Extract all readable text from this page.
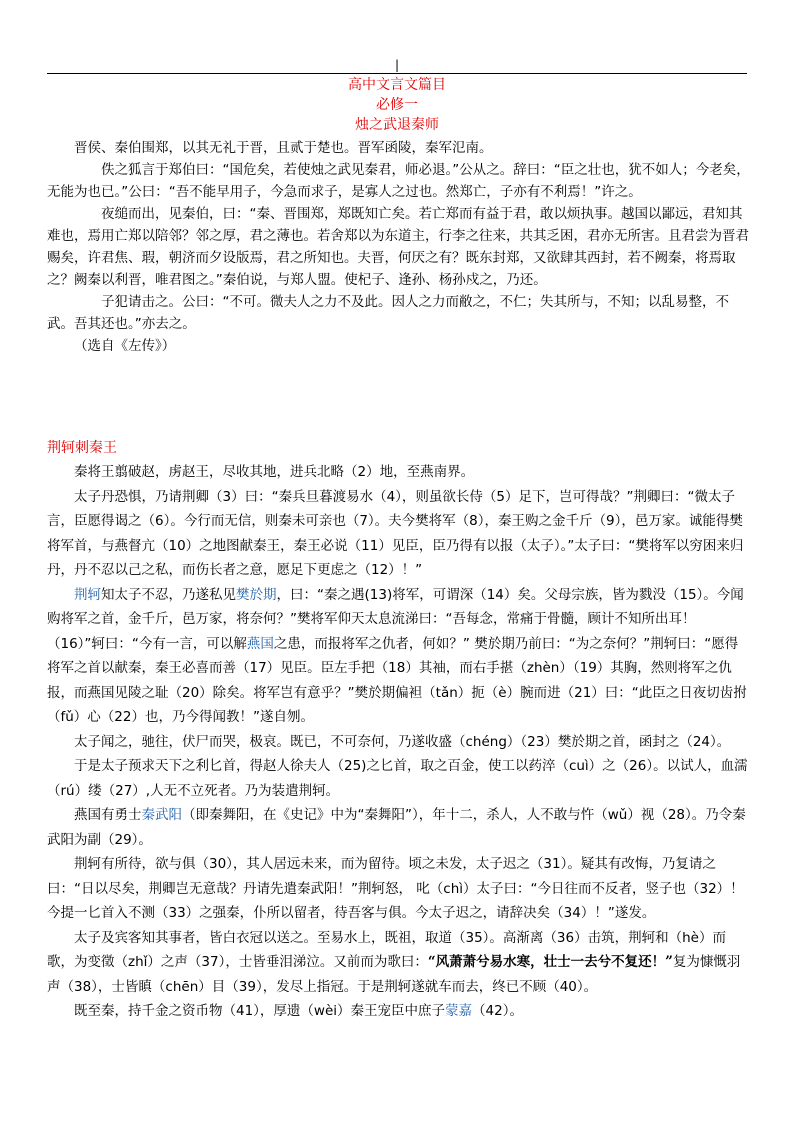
|
高中文言文篇目
必修一
烛之武退秦师

晋侯、秦伯围郑，以其无礼于晋，且贰于楚也。晋军函陵，秦军氾南。

佚之狐言于郑伯曰：“国危矣，若使烛之武见秦君，师必退。”公从之。辞曰：“臣之壮也，犹不如人；今老矣，无能为也已。”公曰：“吾不能早用子，今急而求子，是寡人之过也。然郑亡，子亦有不利焉！”许之。

夜缒而出，见秦伯，曰：“秦、晋围郑，郑既知亡矣。若亡郑而有益于君，敢以烦执事。越国以鄙远，君知其难也，焉用亡郑以陪邻？邻之厚，君之薄也。若舍郑以为东道主，行李之往来，共其乏困，君亦无所害。且君尝为晋君赐矣，许君焦、瑕，朝济而夕设版焉，君之所知也。夫晋，何厌之有？既东封郑，又欲肆其西封，若不阙秦，将焉取之？阙秦以利晋，唯君图之。”秦伯说，与郑人盟。使杞子、逢孙、杨孙戍之，乃还。

子犯请击之。公曰：“不可。微夫人之力不及此。因人之力而敝之，不仁；失其所与，不知；以乱易整，不武。吾其还也。”亦去之。

（选自《左传》）

荆轲刺秦王

秦将王翦破赵，虏赵王，尽收其地，进兵北略（2）地，至燕南界。

太子丹恐惧，乃请荆卿（3）曰：“秦兵旦暮渡易水（4），则虽欲长侍（5）足下，岂可得哉？”荆卿曰：“微太子言，臣愿得谒之（6）。今行而无信，则秦未可亲也（7）。夫今樊将军（8），秦王购之金千斤（9），邑万家。诚能得樊将军首，与燕督亢（10）之地图献秦王，秦王必说（11）见臣，臣乃得有以报（太子）。”太子曰：“樊将军以穷困来归丹，丹不忍以己之私，而伤长者之意，愿足下更虑之（12）！”

荆轲知太子不忍，乃遂私见樊於期，曰：“秦之遇(13)将军，可谓深（14）矣。父母宗族，皆为戮没（15）。今闻购将军之首，金千斤，邑万家，将奈何？”樊将军仰天太息流涕曰：“吾每念，常痛于骨髓，顾计不知所出耳！（16）”轲曰：“今有一言，可以解燕国之患，而报将军之仇者，何如？” 樊於期乃前曰：“为之奈何？”荆轲曰：“愿得将军之首以献秦，秦王必喜而善（17）见臣。臣左手把（18）其袖，而右手揕（zhèn）（19）其胸，然则将军之仇报，而燕国见陵之耻（20）除矣。将军岂有意乎？”樊於期偏袒（tǎn）扼（è）腕而进（21）曰：“此臣之日夜切齿拊（fǔ）心（22）也，乃今得闻教！”遂自刎。

太子闻之，驰往，伏尸而哭，极哀。既已，不可奈何，乃遂收盛（chéng）（23）樊於期之首，函封之（24）。

于是太子预求天下之利匕首，得赵人徐夫人（25)之匕首，取之百金，使工以药淬（cuì）之（26）。以试人，血濡（rú）缕（27）,人无不立死者。乃为装遣荆轲。

燕国有勇士秦武阳（即秦舞阳，在《史记》中为“秦舞阳”），年十二，杀人，人不敢与忤（wǔ）视（28）。乃令秦武阳为副（29）。

荆轲有所待，欲与俱（30），其人居远未来，而为留待。顷之未发，太子迟之（31）。疑其有改悔，乃复请之曰：“日以尽矣，荆卿岂无意哉？丹请先遣秦武阳！”荆轲怒， 叱（chì）太子曰：“今日往而不反者，竖子也（32）！今提一匕首入不测（33）之强秦，仆所以留者，待吾客与俱。今太子迟之，请辞决矣（34）！”遂发。

太子及宾客知其事者，皆白衣冠以送之。至易水上，既祖，取道（35）。高渐离（36）击筑，荆轲和（hè）而歌，为变徵（zhǐ）之声（37），士皆垂泪涕泣。又前而为歌曰：“风萧萧兮易水寒，壮士一去兮不复还！”复为慷慨羽声（38），士皆瞋（chēn）目（39），发尽上指冠。于是荆轲遂就车而去，终已不顾（40）。

既至秦，持千金之资币物（41），厚遗（wèi）秦王宠臣中庶子蒙嘉（42）。
